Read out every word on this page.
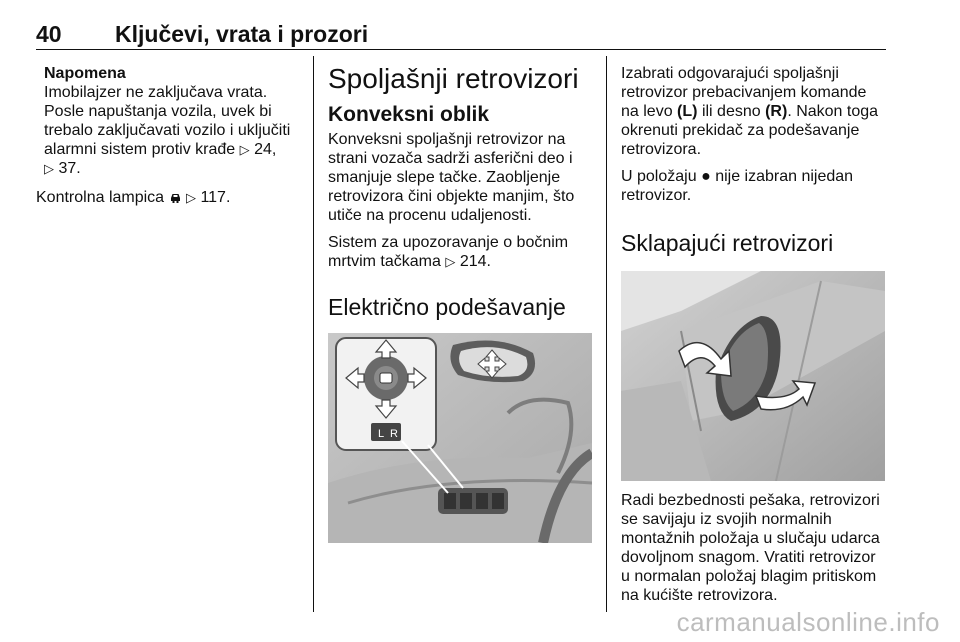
40 Ključevi, vrata i prozori
Napomena

Imobilajzer ne zaključava vrata. Posle napuštanja vozila, uvek bi trebalo zaključavati vozilo i uključiti alarmni sistem protiv krađe ▷ 24,
▷ 37.

Kontrolna lampica ▷ 117.

Spoljašnji retrovizori
Konveksni oblik

Konveksni spoljašnji retrovizor na strani vozača sadrži asferični deo i smanjuje slepe tačke. Zaobljenje retrovizora čini objekte manjim, što utiče na procenu udaljenosti.

Sistem za upozoravanje o bočnim mrtvim tačkama ▷ 214.

Električno podešavanje
L R

Izabrati odgovarajući spoljašnji retrovizor prebacivanjem komande na levo (L) ili desno (R). Nakon toga okrenuti prekidač za podešavanje retrovizora.

U položaju ● nije izabran nijedan retrovizor.

Sklapajući retrovizori

Radi bezbednosti pešaka, retrovizori se savijaju iz svojih normalnih montažnih položaja u slučaju udarca dovoljnom snagom. Vratiti retrovizor u normalan položaj blagim pritiskom na kućište retrovizora.

carmanualsonline.info
